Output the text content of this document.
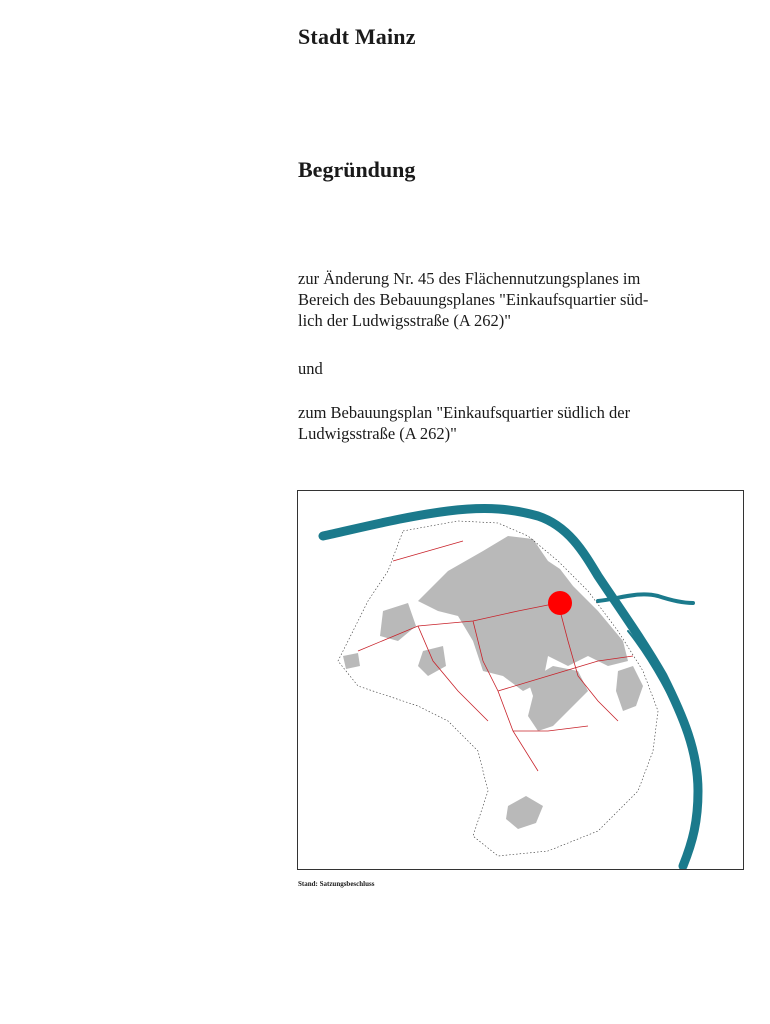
Stadt Mainz
Begründung
zur Änderung Nr. 45 des Flächennutzungsplanes im
Bereich des Bebauungsplanes "Einkaufsquartier süd-
lich der Ludwigsstraße (A 262)"
und
zum Bebauungsplan "Einkaufsquartier südlich der
Ludwigsstraße (A 262)"
Stand: Satzungsbeschluss
